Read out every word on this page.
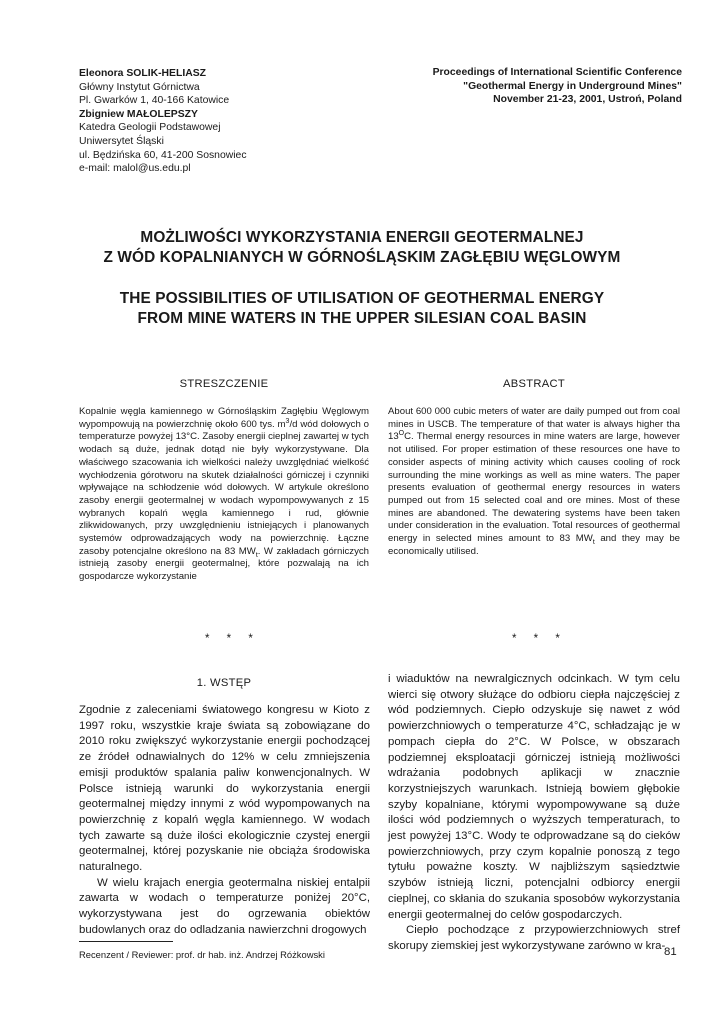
Eleonora SOLIK-HELIASZ
Główny Instytut Górnictwa
Pl. Gwarków 1, 40-166 Katowice
Zbigniew MAŁOLEPSZY
Katedra Geologii Podstawowej
Uniwersytet Śląski
ul. Będzińska 60, 41-200 Sosnowiec
e-mail: malol@us.edu.pl
Proceedings of International Scientific Conference
"Geothermal Energy in Underground Mines"
November 21-23, 2001, Ustroń, Poland
MOŻLIWOŚCI WYKORZYSTANIA ENERGII GEOTERMALNEJ
Z WÓD KOPALNIANYCH W GÓRNOŚLĄSKIM ZAGŁĘBIU WĘGLOWYM
THE POSSIBILITIES OF UTILISATION OF GEOTHERMAL ENERGY
FROM MINE WATERS IN THE UPPER SILESIAN COAL BASIN
STRESZCZENIE	ABSTRACT
Kopalnie węgla kamiennego w Górnośląskim Zagłębiu Węglowym wypompowują na powierzchnię około 600 tys. $m^3/d$ wód dołowych o temperaturze powyżej 13°C. Zasoby energii cieplnej zawartej w tych wodach są duże, jednak dotąd nie były wykorzystywane. Dla właściwego szacowania ich wielkości należy uwzględniać wielkość wychłodzenia górotworu na skutek działalności górniczej i czynniki wpływające na schłodzenie wód dołowych. W artykule określono zasoby energii geotermalnej w wodach wypompowywanych z 15 wybranych kopalń węgla kamiennego i rud, głównie zlikwidowanych, przy uwzględnieniu istniejących i planowanych systemów odprowadzających wody na powierzchnię. Łączne zasoby potencjalne określono na 83 $MW_t$. W zakładach górniczych istnieją zasoby energii geotermalnej, które pozwalają na ich gospodarcze wykorzystanie
About 600 000 cubic meters of water are daily pumped out from coal mines in USCB. The temperature of that water is always higher tha $13^OC$. Thermal energy resources in mine waters are large, however not utilised. For proper estimation of these resources one have to consider aspects of mining activity which causes cooling of rock surrounding the mine workings as well as mine waters. The paper presents evaluation of geothermal energy resources in waters pumped out from 15 selected coal and ore mines. Most of these mines are abandoned. The dewatering systems have been taken under consideration in the evaluation. Total resources of geothermal energy in selected mines amount to 83 $MW_t$ and they may be economically utilised.
* * *	* * *
1. WSTĘP

Zgodnie z zaleceniami światowego kongresu w Kioto z 1997 roku, wszystkie kraje świata są zobowiązane do 2010 roku zwiększyć wykorzystanie energii pochodzącej ze źródeł odnawialnych do 12% w celu zmniejszenia emisji produktów spalania paliw konwencjonalnych. W Polsce istnieją warunki do wykorzystania energii geotermalnej między innymi z wód wypompowanych na powierzchnię z kopalń węgla kamiennego. W wodach tych zawarte są duże ilości ekologicznie czystej energii geotermalnej, której pozyskanie nie obciąża środowiska naturalnego.

W wielu krajach energia geotermalna niskiej entalpii zawarta w wodach o temperaturze poniżej 20°C, wykorzystywana jest do ogrzewania obiektów budowlanych oraz do odladzania nawierzchni drogowych

i wiaduktów na newralgicznych odcinkach. W tym celu wierci się otwory służące do odbioru ciepła najczęściej z wód podziemnych. Ciepło odzyskuje się nawet z wód powierzchniowych o temperaturze 4°C, schładzając je w pompach ciepła do 2°C. W Polsce, w obszarach podziemnej eksploatacji górniczej istnieją możliwości wdrażania podobnych aplikacji w znacznie korzystniejszych warunkach. Istnieją bowiem głębokie szyby kopalniane, którymi wypompowywane są duże ilości wód podziemnych o wyższych temperaturach, to jest powyżej 13°C. Wody te odprowadzane są do cieków powierzchniowych, przy czym kopalnie ponoszą z tego tytułu poważne koszty. W najbliższym sąsiedztwie szybów istnieją liczni, potencjalni odbiorcy energii cieplnej, co skłania do szukania sposobów wykorzystania energii geotermalnej do celów gospodarczych.

Ciepło pochodzące z przypowierzchniowych stref skorupy ziemskiej jest wykorzystywane zarówno w kra-

Recenzent / Reviewer: prof. dr hab. inż. Andrzej Różkowski	81
